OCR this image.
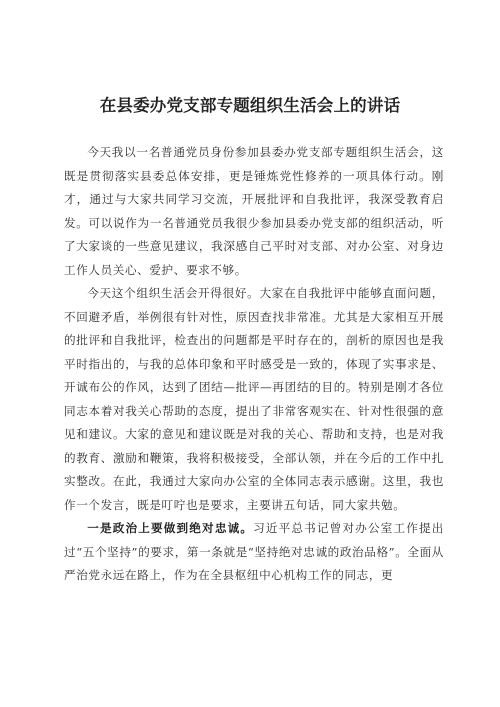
在县委办党支部专题组织生活会上的讲话

今天我以一名普通党员身份参加县委办党支部专题组织生活会，这既是贯彻落实县委总体安排，更是锤炼党性修养的一项具体行动。刚才，通过与大家共同学习交流，开展批评和自我批评，我深受教育启发。可以说作为一名普通党员我很少参加县委办党支部的组织活动，听了大家谈的一些意见建议，我深感自己平时对支部、对办公室、对身边工作人员关心、爱护、要求不够。

今天这个组织生活会开得很好。大家在自我批评中能够直面问题，不回避矛盾，举例很有针对性，原因查找非常准。尤其是大家相互开展的批评和自我批评，检查出的问题都是平时存在的，剖析的原因也是我平时指出的，与我的总体印象和平时感受是一致的，体现了实事求是、开诚布公的作风，达到了团结—批评—再团结的目的。特别是刚才各位同志本着对我关心帮助的态度，提出了非常客观实在、针对性很强的意见和建议。大家的意见和建议既是对我的关心、帮助和支持，也是对我的教育、激励和鞭策，我将积极接受，全部认领，并在今后的工作中扎实整改。在此，我通过大家向办公室的全体同志表示感谢。这里，我也作一个发言，既是叮咛也是要求，主要讲五句话，同大家共勉。

一是政治上要做到绝对忠诚。习近平总书记曾对办公室工作提出过“五个坚持”的要求，第一条就是“坚持绝对忠诚的政治品格”。全面从严治党永远在路上，作为在全县枢纽中心机构工作的同志，更
